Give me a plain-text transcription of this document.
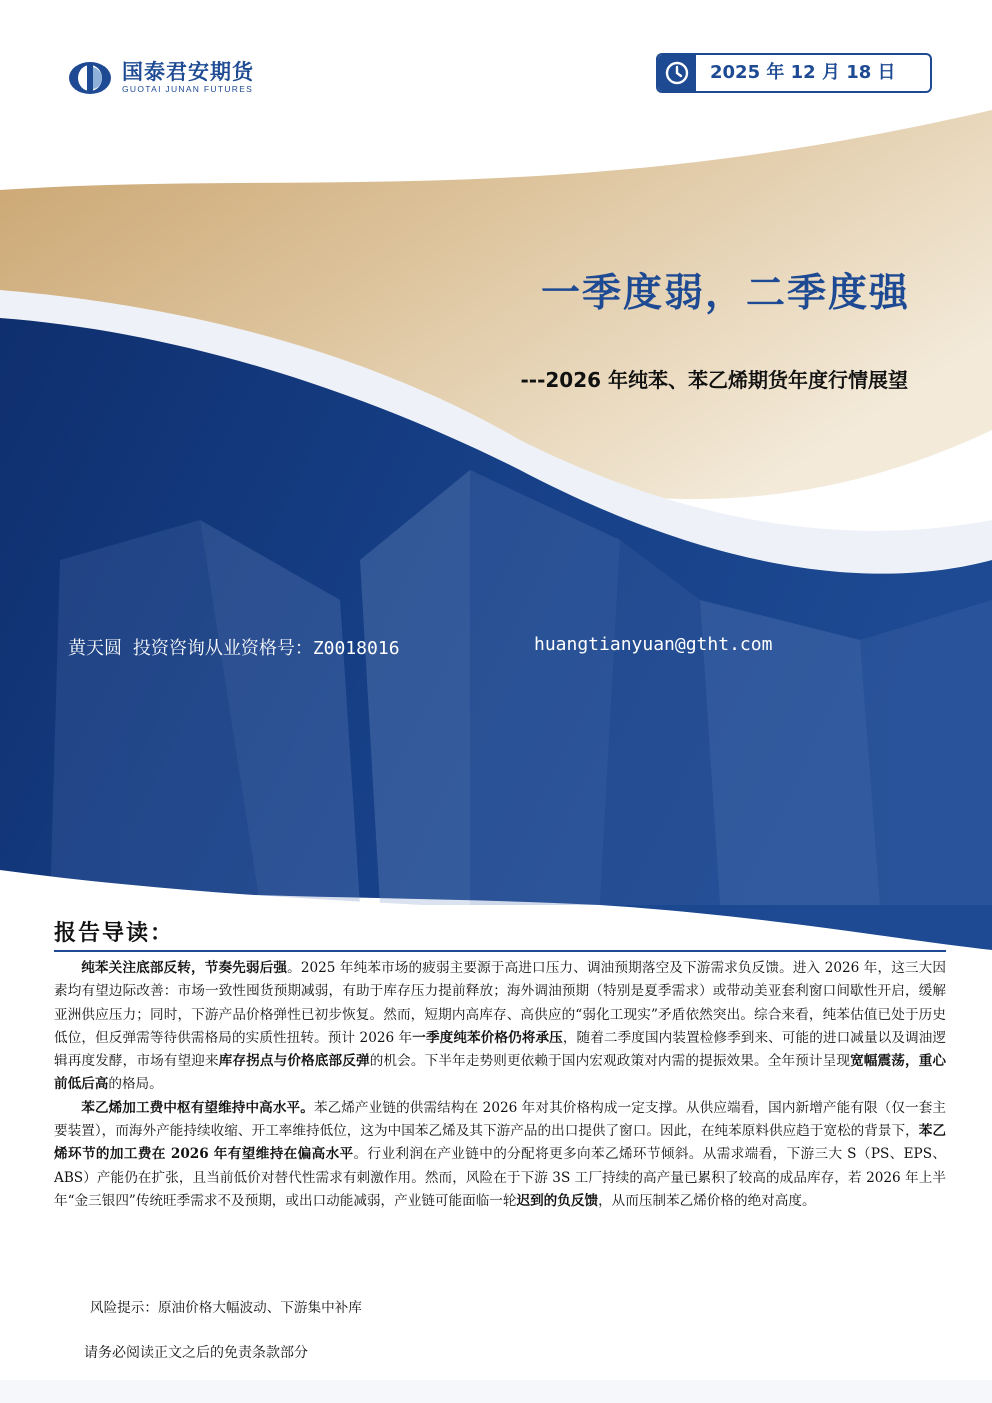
国泰君安期货
GUOTAI JUNAN FUTURES
2025 年 12 月 18 日
一季度弱，二季度强
---2026 年纯苯、苯乙烯期货年度行情展望
黄天圆 投资咨询从业资格号：Z0018016	huangtianyuan@gtht.com
报告导读：

纯苯关注底部反转，节奏先弱后强。2025 年纯苯市场的疲弱主要源于高进口压力、调油预期落空及下游需求负反馈。进入 2026 年，这三大因素均有望边际改善：市场一致性囤货预期减弱，有助于库存压力提前释放；海外调油预期（特别是夏季需求）或带动美亚套利窗口间歇性开启，缓解亚洲供应压力；同时，下游产品价格弹性已初步恢复。然而，短期内高库存、高供应的“弱化工现实”矛盾依然突出。综合来看，纯苯估值已处于历史低位，但反弹需等待供需格局的实质性扭转。预计 2026 年一季度纯苯价格仍将承压，随着二季度国内装置检修季到来、可能的进口减量以及调油逻辑再度发酵，市场有望迎来库存拐点与价格底部反弹的机会。下半年走势则更依赖于国内宏观政策对内需的提振效果。全年预计呈现宽幅震荡，重心前低后高的格局。

苯乙烯加工费中枢有望维持中高水平。苯乙烯产业链的供需结构在 2026 年对其价格构成一定支撑。从供应端看，国内新增产能有限（仅一套主要装置），而海外产能持续收缩、开工率维持低位，这为中国苯乙烯及其下游产品的出口提供了窗口。因此，在纯苯原料供应趋于宽松的背景下，苯乙烯环节的加工费在 2026 年有望维持在偏高水平。行业利润在产业链中的分配将更多向苯乙烯环节倾斜。从需求端看，下游三大 S（PS、EPS、ABS）产能仍在扩张，且当前低价对替代性需求有刺激作用。然而，风险在于下游 3S 工厂持续的高产量已累积了较高的成品库存，若 2026 年上半年“金三银四”传统旺季需求不及预期，或出口动能减弱，产业链可能面临一轮迟到的负反馈，从而压制苯乙烯价格的绝对高度。

风险提示：原油价格大幅波动、下游集中补库
请务必阅读正文之后的免责条款部分
